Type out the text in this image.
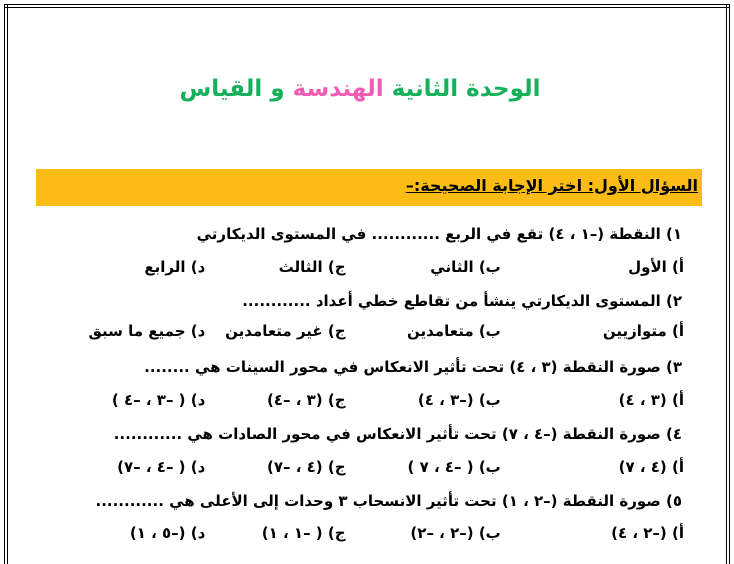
الوحدة الثانية الهندسة و القياس
السؤال الأول: اختر الإجابة الصحيحة:–
١) النقطة (–١ ، ٤) تقع في الربع ............ في المستوى الديكارتي
أ) الأول ب) الثاني ج) الثالث د) الرابع
٢) المستوى الديكارتي ينشأ من تقاطع خطي أعداد ............
أ) متوازيين ب) متعامدين ج) غير متعامدين د) جميع ما سبق
٣) صورة النقطة (٣ ، ٤) تحت تأثير الانعكاس في محور السينات هي ........
أ) (٣ ، ٤) ب) (–٣ ، ٤) ج) (٣ ، –٤) د) ( –٣ ، –٤ )
٤) صورة النقطة (–٤ ، ٧) تحت تأثير الانعكاس في محور الصادات هي ............
أ) (٤ ، ٧) ب) ( –٤ ، ٧ ) ج) (٤ ، –٧) د) ( –٤ ، –٧)
٥) صورة النقطة (–٢ ، ١) تحت تأثير الانسحاب ٣ وحدات إلى الأعلى هي ............
أ) (–٢ ، ٤) ب) (–٢ ، –٢) ج) ( –١ ، ١) د) (–٥ ، ١)
